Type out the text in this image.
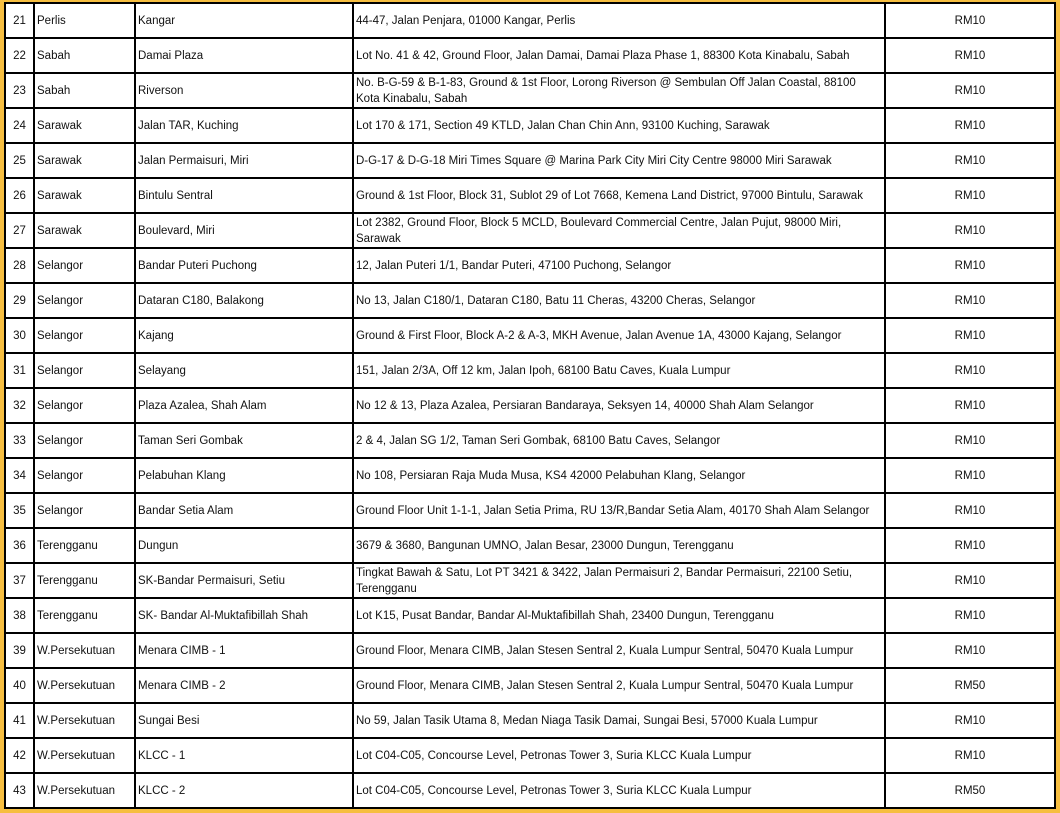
21	Perlis	Kangar	44-47, Jalan Penjara, 01000 Kangar, Perlis	RM10
22	Sabah	Damai Plaza	Lot No. 41 & 42, Ground Floor, Jalan Damai, Damai Plaza Phase 1, 88300 Kota Kinabalu, Sabah	RM10
23	Sabah	Riverson	No. B-G-59 & B-1-83, Ground & 1st Floor, Lorong Riverson @ Sembulan Off Jalan Coastal, 88100 Kota Kinabalu, Sabah	RM10
24	Sarawak	Jalan TAR, Kuching	Lot 170 & 171, Section 49 KTLD, Jalan Chan Chin Ann, 93100 Kuching, Sarawak	RM10
25	Sarawak	Jalan Permaisuri, Miri	D-G-17 & D-G-18 Miri Times Square @ Marina Park City Miri City Centre 98000 Miri Sarawak	RM10
26	Sarawak	Bintulu Sentral	Ground & 1st Floor, Block 31, Sublot 29 of Lot 7668, Kemena Land District, 97000 Bintulu, Sarawak	RM10
27	Sarawak	Boulevard, Miri	Lot 2382, Ground Floor, Block 5 MCLD, Boulevard Commercial Centre, Jalan Pujut, 98000 Miri, Sarawak	RM10
28	Selangor	Bandar Puteri Puchong	12, Jalan Puteri 1/1, Bandar Puteri, 47100 Puchong, Selangor	RM10
29	Selangor	Dataran C180, Balakong	No 13, Jalan C180/1, Dataran C180, Batu 11 Cheras, 43200 Cheras, Selangor	RM10
30	Selangor	Kajang	Ground & First Floor, Block A-2 & A-3, MKH Avenue, Jalan Avenue 1A, 43000 Kajang, Selangor	RM10
31	Selangor	Selayang	151, Jalan 2/3A, Off 12 km, Jalan Ipoh, 68100 Batu Caves, Kuala Lumpur	RM10
32	Selangor	Plaza Azalea, Shah Alam	No 12 & 13, Plaza Azalea, Persiaran Bandaraya, Seksyen 14, 40000 Shah Alam Selangor	RM10
33	Selangor	Taman Seri Gombak	2 & 4, Jalan SG 1/2, Taman Seri Gombak, 68100 Batu Caves, Selangor	RM10
34	Selangor	Pelabuhan Klang	No 108, Persiaran Raja Muda Musa, KS4 42000 Pelabuhan Klang, Selangor	RM10
35	Selangor	Bandar Setia Alam	Ground Floor Unit 1-1-1, Jalan Setia Prima, RU 13/R,Bandar Setia Alam, 40170 Shah Alam Selangor	RM10
36	Terengganu	Dungun	3679 & 3680, Bangunan UMNO, Jalan Besar, 23000 Dungun, Terengganu	RM10
37	Terengganu	SK-Bandar Permaisuri, Setiu	Tingkat Bawah & Satu, Lot PT 3421 & 3422, Jalan Permaisuri 2, Bandar Permaisuri, 22100 Setiu, Terengganu	RM10
38	Terengganu	SK- Bandar Al-Muktafibillah Shah	Lot K15, Pusat Bandar, Bandar Al-Muktafibillah Shah, 23400 Dungun, Terengganu	RM10
39	W.Persekutuan	Menara CIMB - 1	Ground Floor, Menara CIMB, Jalan Stesen Sentral 2, Kuala Lumpur Sentral, 50470 Kuala Lumpur	RM10
40	W.Persekutuan	Menara CIMB - 2	Ground Floor, Menara CIMB, Jalan Stesen Sentral 2, Kuala Lumpur Sentral, 50470 Kuala Lumpur	RM50
41	W.Persekutuan	Sungai Besi	No 59, Jalan Tasik Utama 8, Medan Niaga Tasik Damai, Sungai Besi, 57000 Kuala Lumpur	RM10
42	W.Persekutuan	KLCC - 1	Lot C04-C05, Concourse Level, Petronas Tower 3, Suria KLCC Kuala Lumpur	RM10
43	W.Persekutuan	KLCC - 2	Lot C04-C05, Concourse Level, Petronas Tower 3, Suria KLCC Kuala Lumpur	RM50
